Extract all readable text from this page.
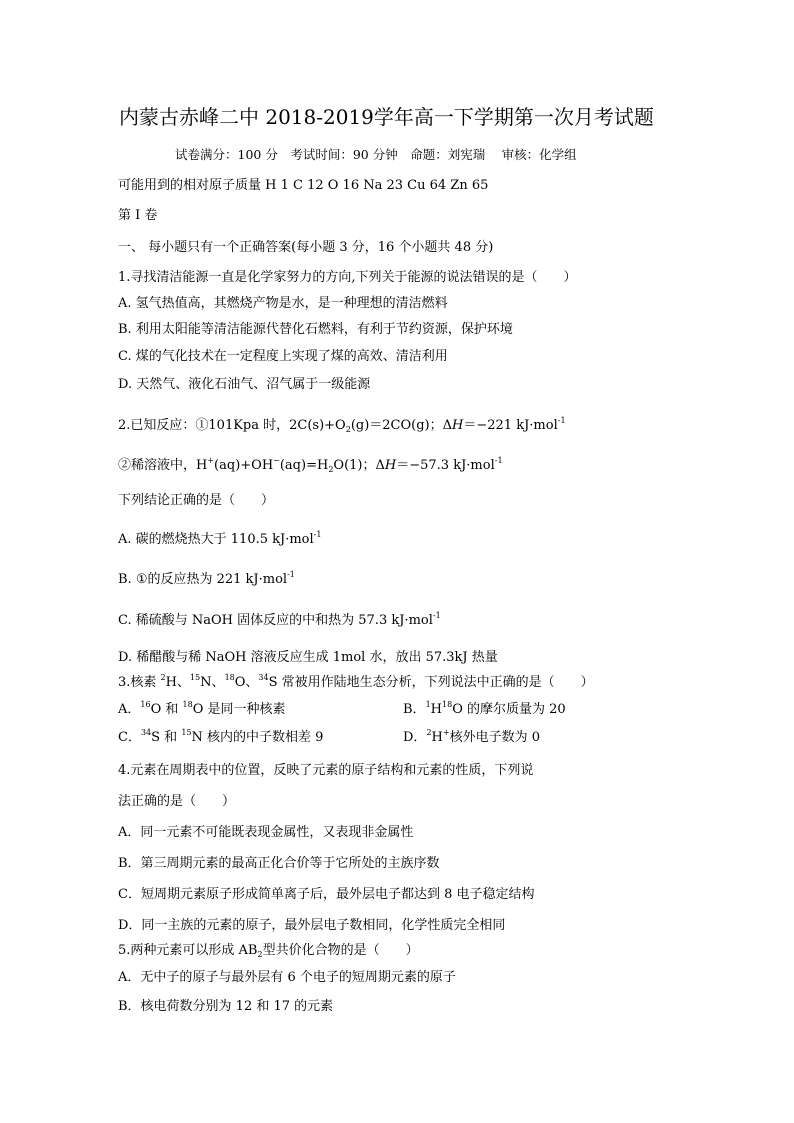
内蒙古赤峰二中 2018-2019学年高一下学期第一次月考试题
试卷满分：100 分　考试时间：90 分钟　命题：刘宪瑞　 审核：化学组
可能用到的相对原子质量 H 1 C 12 O 16 Na 23 Cu 64 Zn 65
第 I 卷
一、 每小题只有一个正确答案(每小题 3 分，16 个小题共 48 分)
1.寻找清洁能源一直是化学家努力的方向,下列关于能源的说法错误的是（　　）
A. 氢气热值高，其燃烧产物是水，是一种理想的清洁燃料
B. 利用太阳能等清洁能源代替化石燃料，有利于节约资源，保护环境
C. 煤的气化技术在一定程度上实现了煤的高效、清洁利用
D. 天然气、液化石油气、沼气属于一级能源
2.已知反应：①101Kpa 时，$2C(s)+O_2(g)=2CO(g)$；ΔH＝−221 kJ·mol$^{-1}$
②稀溶液中，$H^+(aq)+OH^-(aq)=H_2O(1)$；ΔH＝−57.3 kJ·mol$^{-1}$
下列结论正确的是（　　）
A. 碳的燃烧热大于 110.5 kJ·mol$^{-1}$
B. ①的反应热为 221 kJ·mol$^{-1}$
C. 稀硫酸与 NaOH 固体反应的中和热为 57.3 kJ·mol$^{-1}$
D. 稀醋酸与稀 NaOH 溶液反应生成 1mol 水，放出 57.3kJ 热量
3.核素 $^2$H、$^{15}$N、$^{18}$O、$^{34}$S 常被用作陆地生态分析，下列说法中正确的是（　　）
A．$^{16}$O 和 $^{18}$O 是同一种核素	B．$^1H^{18}O$ 的摩尔质量为 20
C．$^{34}$S 和 $^{15}$N 核内的中子数相差 9	D．$^2$H+核外电子数为 0
4.元素在周期表中的位置，反映了元素的原子结构和元素的性质，下列说
法正确的是（　　）
A．同一元素不可能既表现金属性，又表现非金属性
B．第三周期元素的最高正化合价等于它所处的主族序数
C．短周期元素原子形成简单离子后，最外层电子都达到 8 电子稳定结构
D．同一主族的元素的原子，最外层电子数相同，化学性质完全相同
5.两种元素可以形成 $AB_2$型共价化合物的是（　　）
A．无中子的原子与最外层有 6 个电子的短周期元素的原子
B．核电荷数分别为 12 和 17 的元素
